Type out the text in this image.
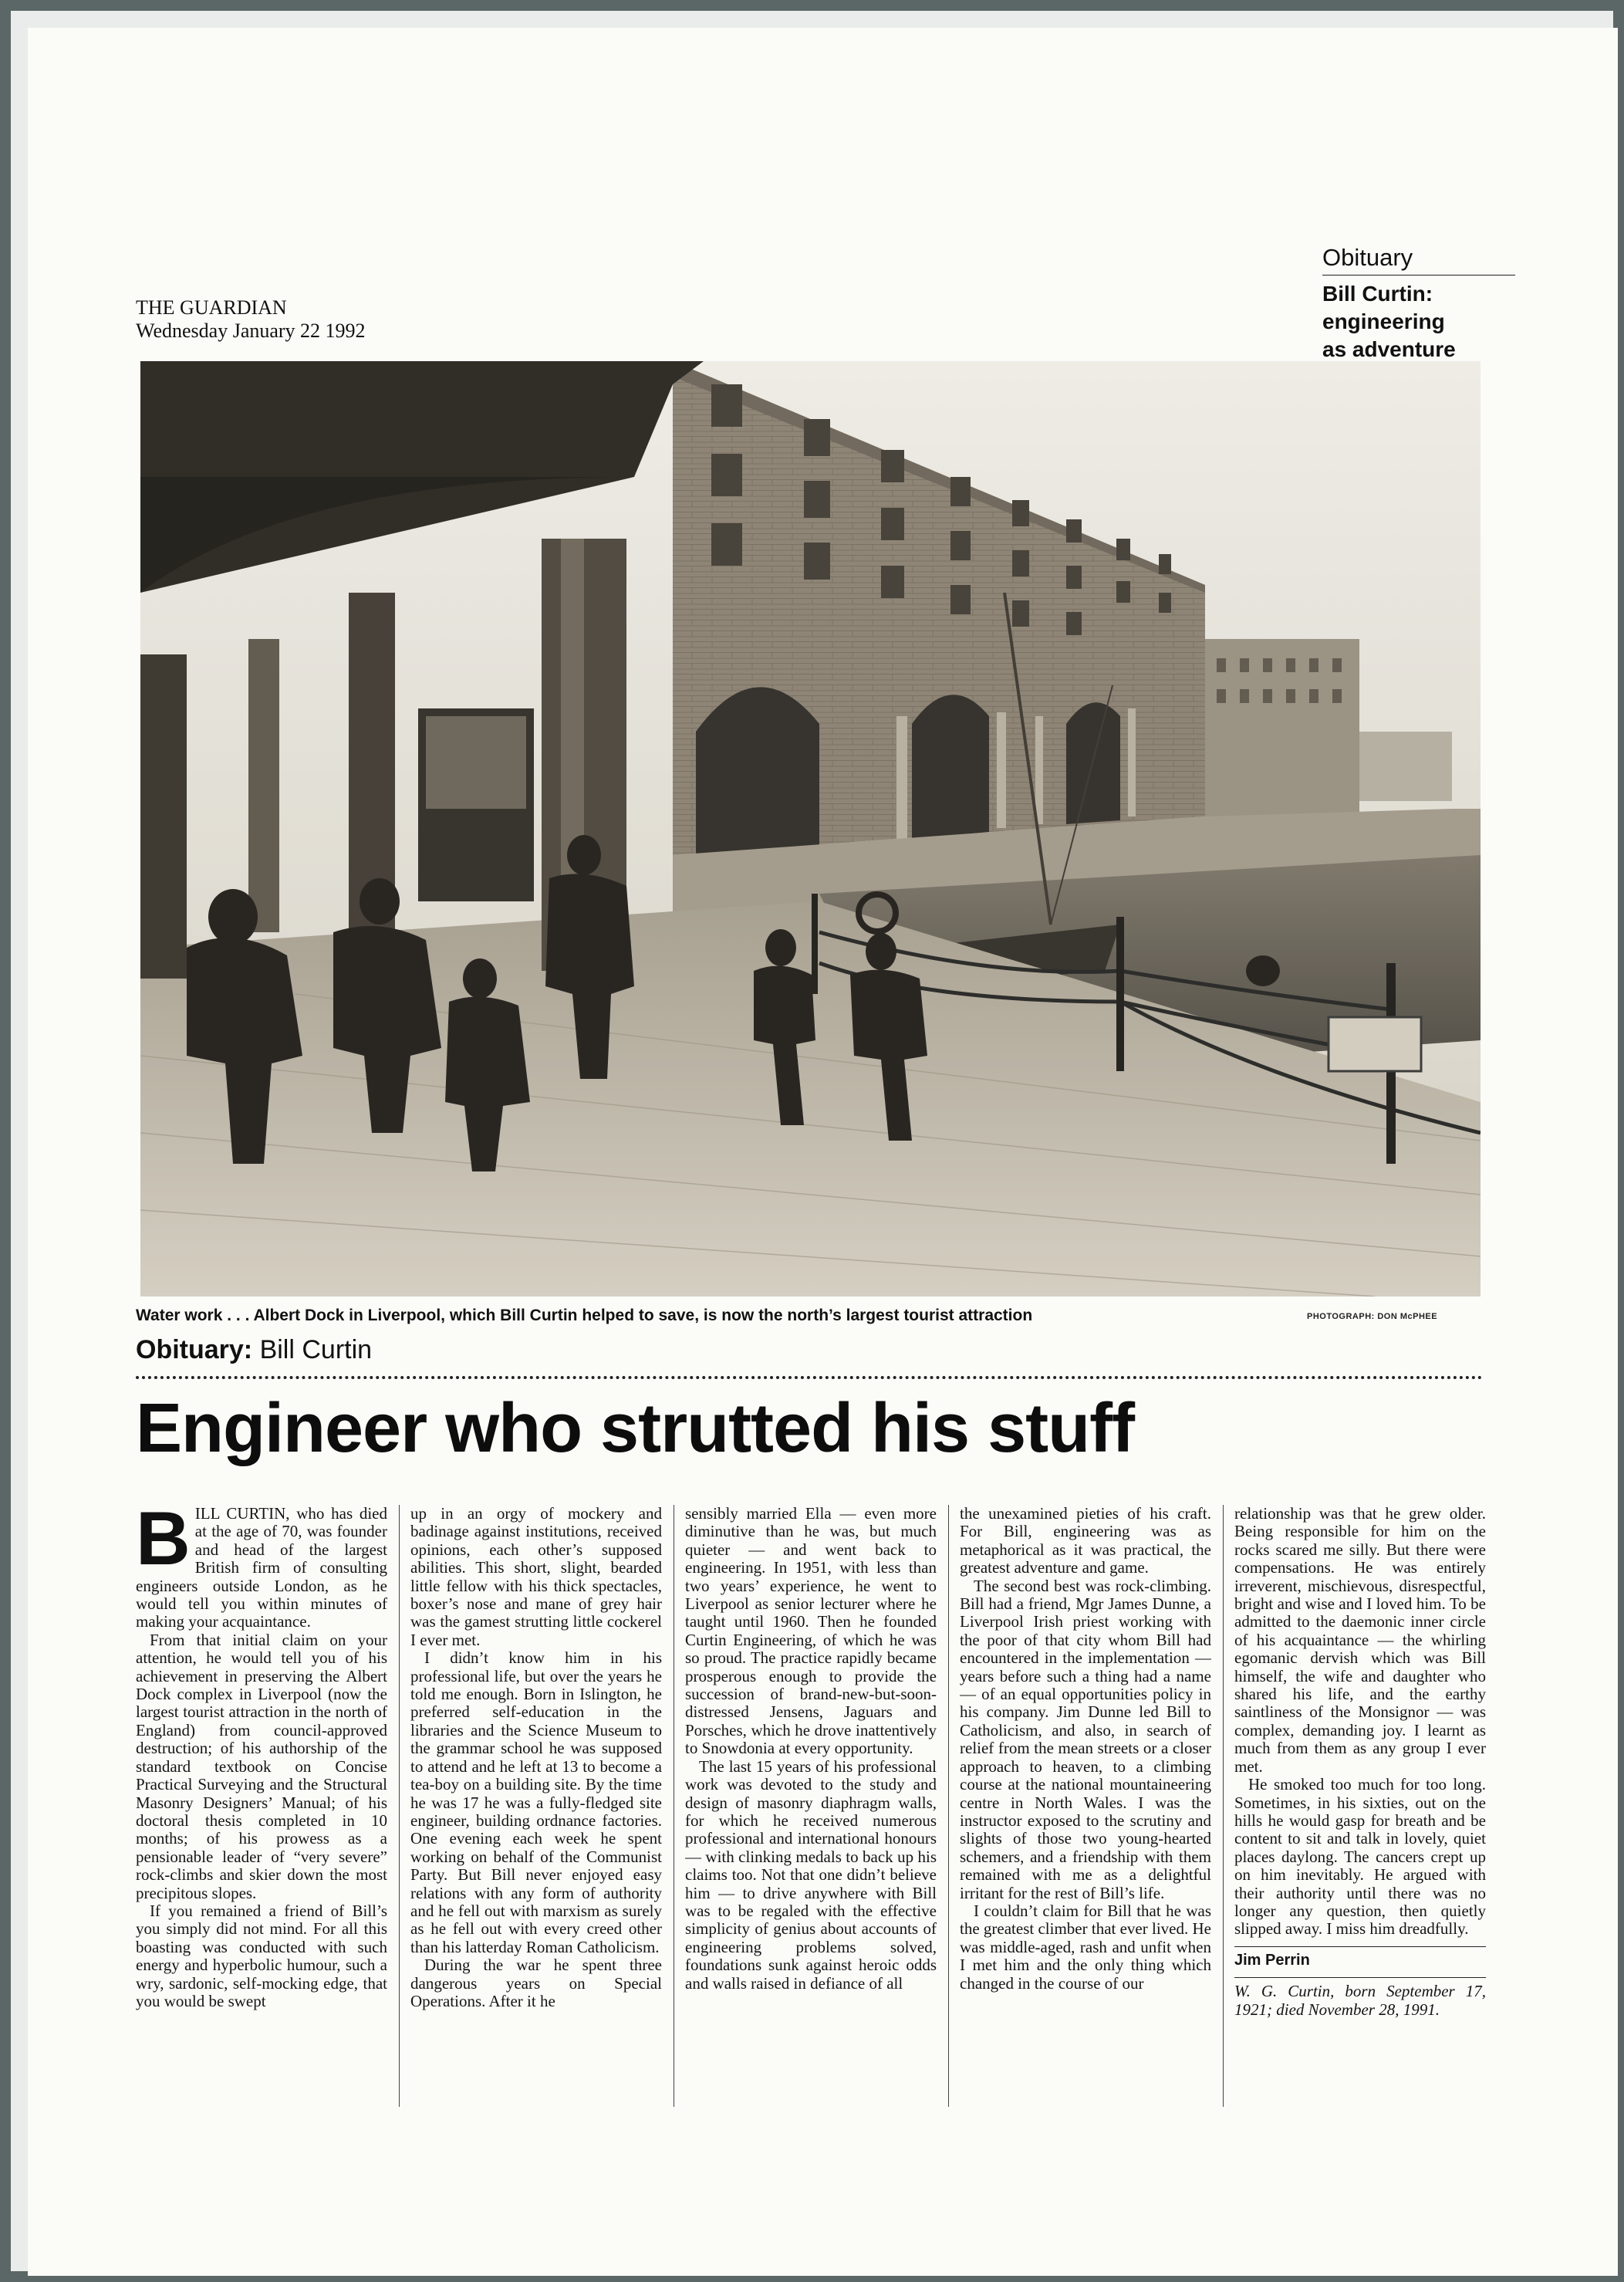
THE GUARDIAN
Wednesday January 22 1992
Obituary
Bill Curtin:
engineering
as adventure
Water work . . . Albert Dock in Liverpool, which Bill Curtin helped to save, is now the north’s largest tourist attraction	PHOTOGRAPH: DON McPHEE
Obituary: Bill Curtin
Engineer who strutted his stuff

BILL CURTIN, who has died at the age of 70, was founder and head of the largest British firm of consulting engineers outside London, as he would tell you within minutes of making your acquaintance.

From that initial claim on your attention, he would tell you of his achievement in preserving the Albert Dock complex in Liverpool (now the largest tourist attraction in the north of England) from council-approved destruction; of his authorship of the standard textbook on Concise Practical Surveying and the Structural Masonry Designers’ Manual; of his doctoral thesis completed in 10 months; of his prowess as a pensionable leader of “very severe” rock-climbs and skier down the most precipitous slopes.

If you remained a friend of Bill’s you simply did not mind. For all this boasting was conducted with such energy and hyperbolic humour, such a wry, sardonic, self-mocking edge, that you would be swept

up in an orgy of mockery and badinage against institutions, received opinions, each other’s supposed abilities. This short, slight, bearded little fellow with his thick spectacles, boxer’s nose and mane of grey hair was the gamest strutting little cockerel I ever met.

I didn’t know him in his professional life, but over the years he told me enough. Born in Islington, he preferred self-education in the libraries and the Science Museum to the grammar school he was supposed to attend and he left at 13 to become a tea-boy on a building site. By the time he was 17 he was a fully-fledged site engineer, building ordnance factories. One evening each week he spent working on behalf of the Communist Party. But Bill never enjoyed easy relations with any form of authority and he fell out with marxism as surely as he fell out with every creed other than his latterday Roman Catholicism.

During the war he spent three dangerous years on Special Operations. After it he

sensibly married Ella — even more diminutive than he was, but much quieter — and went back to engineering. In 1951, with less than two years’ experience, he went to Liverpool as senior lecturer where he taught until 1960. Then he founded Curtin Engineering, of which he was so proud. The practice rapidly became prosperous enough to provide the succession of brand-new-but-soon-distressed Jensens, Jaguars and Porsches, which he drove inattentively to Snowdonia at every opportunity.

The last 15 years of his professional work was devoted to the study and design of masonry diaphragm walls, for which he received numerous professional and international honours — with clinking medals to back up his claims too. Not that one didn’t believe him — to drive anywhere with Bill was to be regaled with the effective simplicity of genius about accounts of engineering problems solved, foundations sunk against heroic odds and walls raised in defiance of all

the unexamined pieties of his craft. For Bill, engineering was as metaphorical as it was practical, the greatest adventure and game.

The second best was rock-climbing. Bill had a friend, Mgr James Dunne, a Liverpool Irish priest working with the poor of that city whom Bill had encountered in the implementation — years before such a thing had a name — of an equal opportunities policy in his company. Jim Dunne led Bill to Catholicism, and also, in search of relief from the mean streets or a closer approach to heaven, to a climbing course at the national mountaineering centre in North Wales. I was the instructor exposed to the scrutiny and slights of those two young-hearted schemers, and a friendship with them remained with me as a delightful irritant for the rest of Bill’s life.

I couldn’t claim for Bill that he was the greatest climber that ever lived. He was middle-aged, rash and unfit when I met him and the only thing which changed in the course of our

relationship was that he grew older. Being responsible for him on the rocks scared me silly. But there were compensations. He was entirely irreverent, mischievous, disrespectful, bright and wise and I loved him. To be admitted to the daemonic inner circle of his acquaintance — the whirling egomanic dervish which was Bill himself, the wife and daughter who shared his life, and the earthy saintliness of the Monsignor — was complex, demanding joy. I learnt as much from them as any group I ever met.

He smoked too much for too long. Sometimes, in his sixties, out on the hills he would gasp for breath and be content to sit and talk in lovely, quiet places daylong. The cancers crept up on him inevitably. He argued with their authority until there was no longer any question, then quietly slipped away. I miss him dreadfully.

Jim Perrin

W. G. Curtin, born September 17, 1921; died November 28, 1991.
